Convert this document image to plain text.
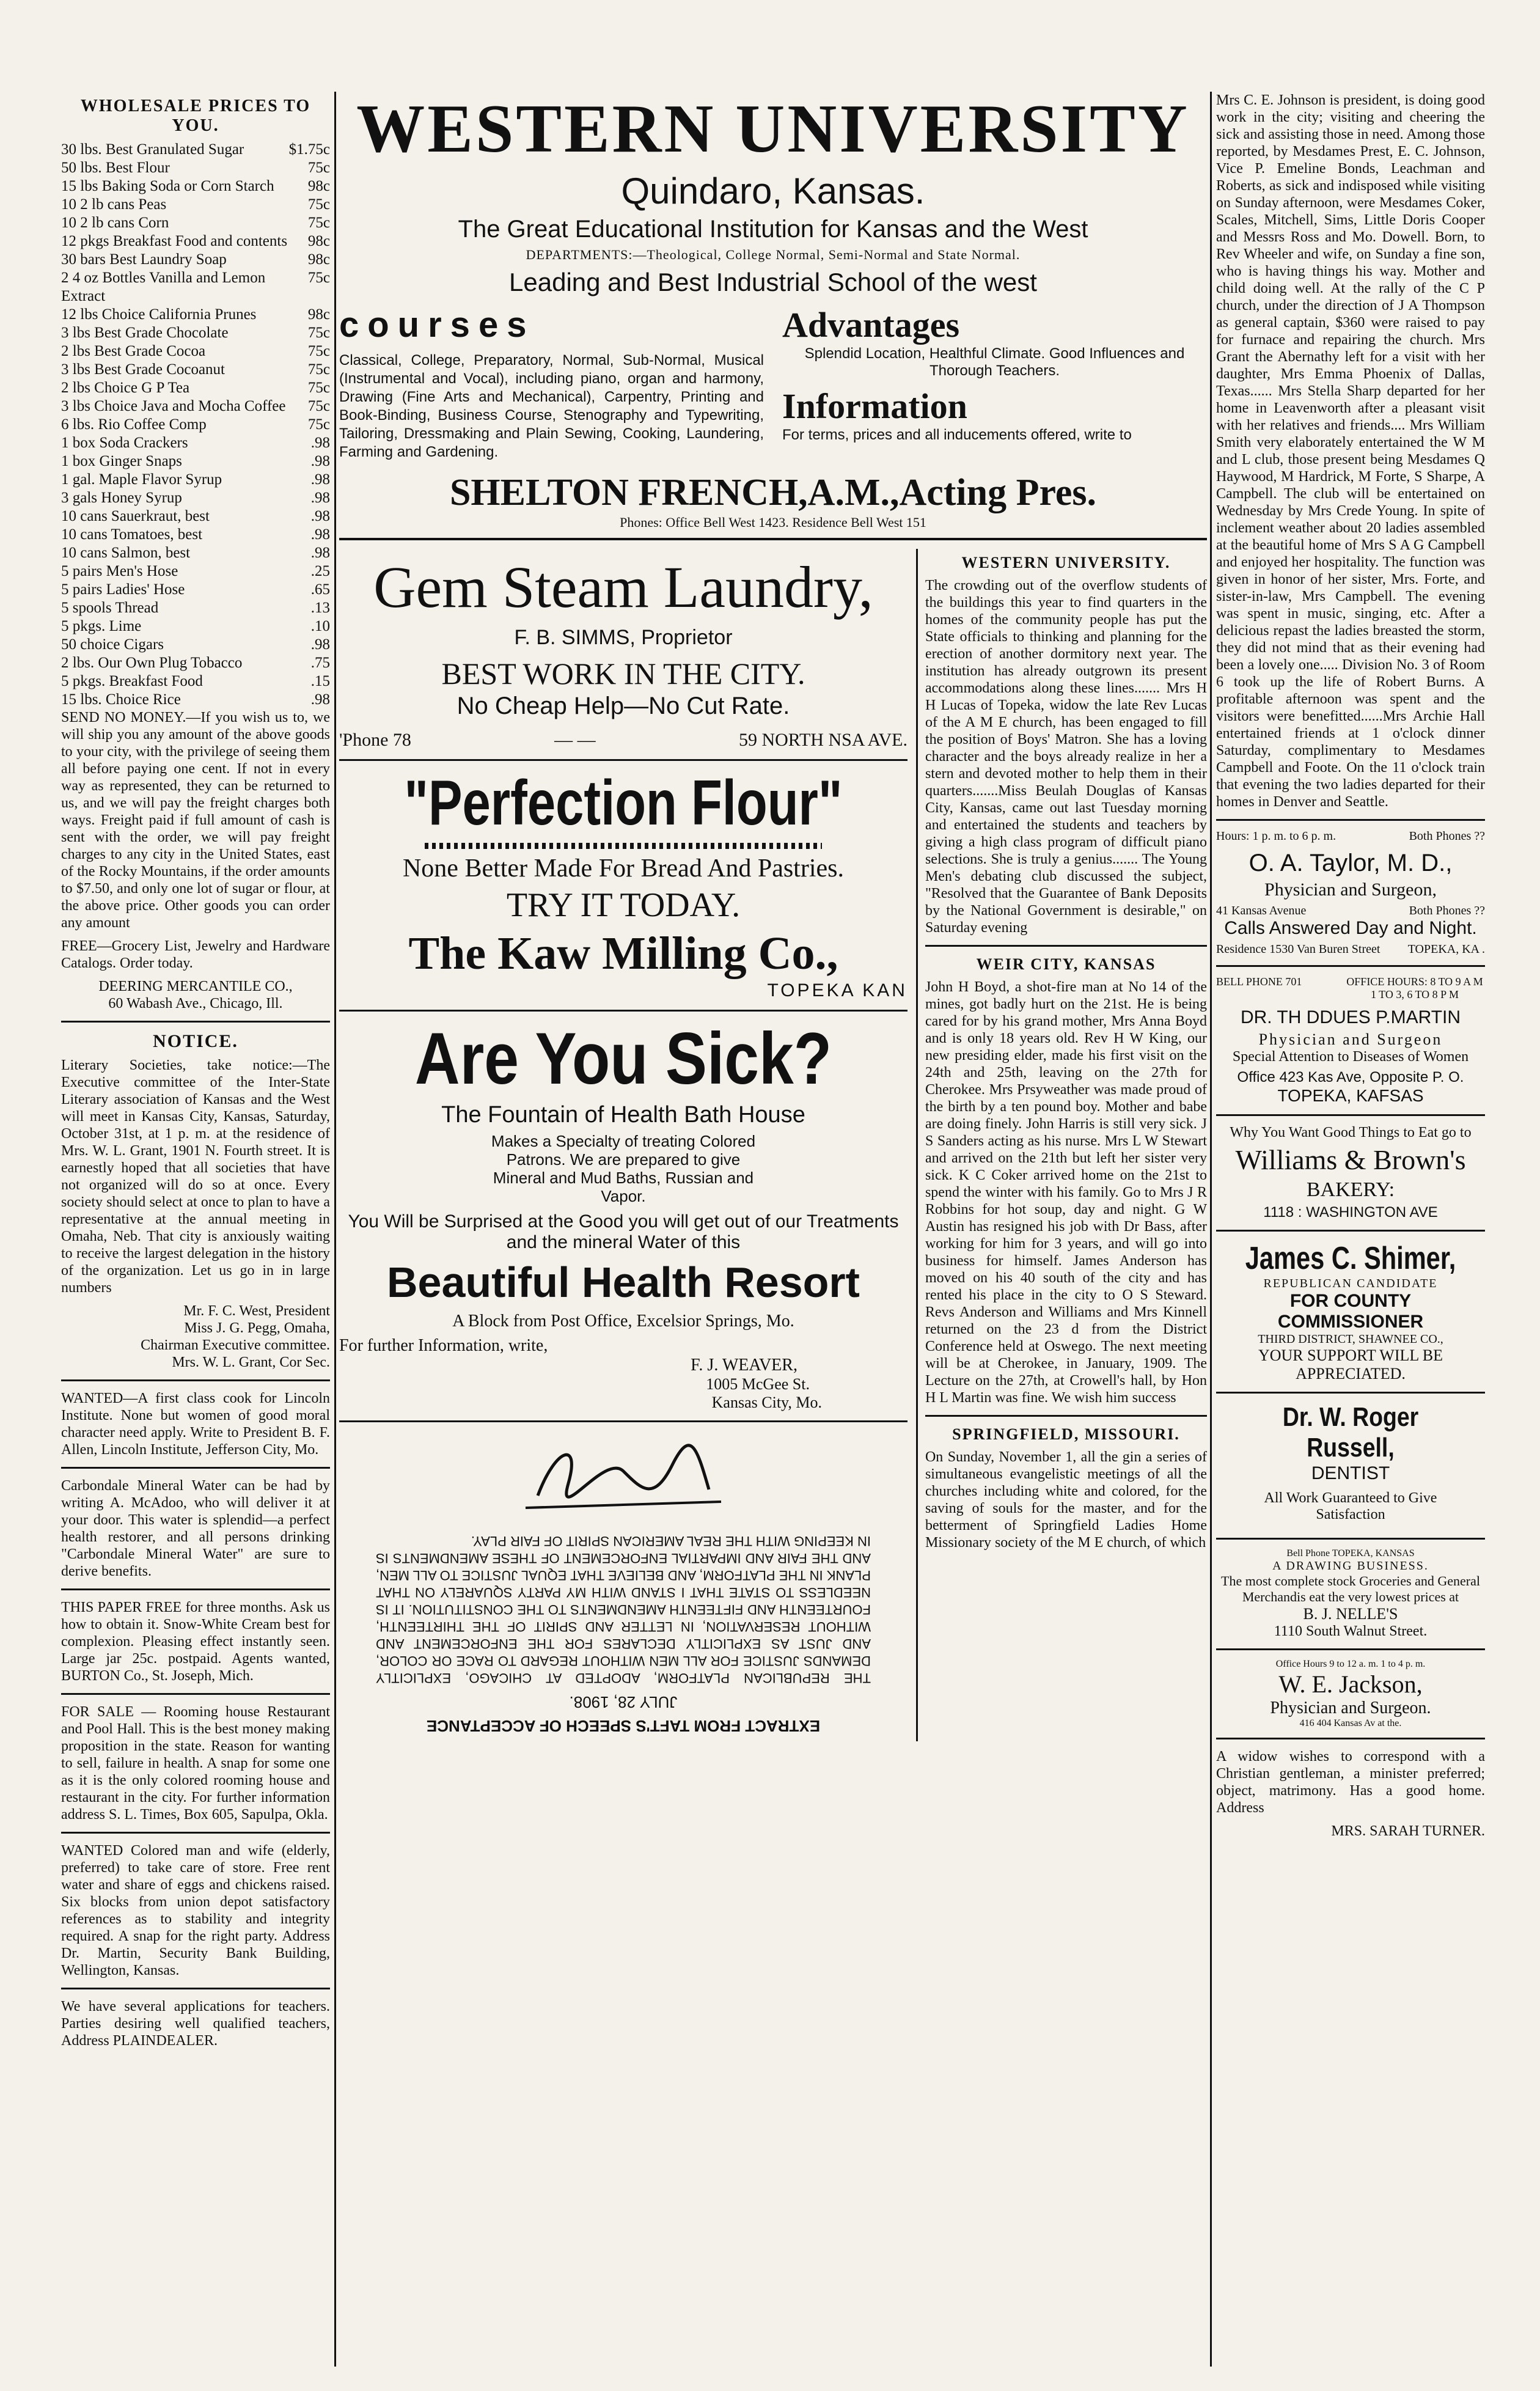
WHOLESALE PRICES TO YOU.
30 lbs. Best Granulated Sugar	$1.75c
50 lbs. Best Flour	75c
15 lbs Baking Soda or Corn Starch 98c
10 2 lb cans Peas	75c
10 2 lb cans Corn	75c
12 pkgs Breakfast Food and contents 98c
30 bars Best Laundry Soap	98c
2 4 oz Bottles Vanilla and Lemon Extract
75c
12 lbs Choice California Prunes	98c
3 lbs Best Grade Chocolate	75c
2 lbs Best Grade Cocoa	75c
3 lbs Best Grade Cocoanut	75c
2 lbs Choice G P Tea	75c
3 lbs Choice Java and Mocha Coffee 75c
6 lbs. Rio Coffee Comp	75c
1 box Soda Crackers	.98
1 box Ginger Snaps	.98
1 gal. Maple Flavor Syrup	.98
3 gals Honey Syrup	.98
10 cans Sauerkraut, best	.98
10 cans Tomatoes, best	.98
10 cans Salmon, best	.98
5 pairs Men's Hose	.25
5 pairs Ladies' Hose	.65
5 spools Thread	.13
5 pkgs. Lime	.10
50 choice Cigars	.98
2 lbs. Our Own Plug Tobacco	.75
5 pkgs. Breakfast Food	.15
15 lbs. Choice Rice	.98

SEND NO MONEY.—If you wish us to, we will ship you any amount of the above goods to your city, with the privilege of seeing them all before paying one cent. If not in every way as represented, they can be returned to us, and we will pay the freight charges both ways. Freight paid if full amount of cash is sent with the order, we will pay freight charges to any city in the United States, east of the Rocky Mountains, if the order amounts to $7.50, and only one lot of sugar or flour, at the above price. Other goods you can order any amount

FREE—Grocery List, Jewelry and Hardware Catalogs. Order today.

DEERING MERCANTILE CO.,

60 Wabash Ave., Chicago, Ill.

NOTICE.

Literary Societies, take notice:—The Executive committee of the Inter-State Literary association of Kansas and the West will meet in Kansas City, Kansas, Saturday, October 31st, at 1 p. m. at the residence of Mrs. W. L. Grant, 1901 N. Fourth street. It is earnestly hoped that all societies that have not organized will do so at once. Every society should select at once to plan to have a representative at the annual meeting in Omaha, Neb. That city is anxiously waiting to receive the largest delegation in the history of the organization. Let us go in in large numbers

Mr. F. C. West, President

Miss J. G. Pegg, Omaha,

Chairman Executive committee.

Mrs. W. L. Grant, Cor Sec.

WANTED—A first class cook for Lincoln Institute. None but women of good moral character need apply. Write to President B. F. Allen, Lincoln Institute, Jefferson City, Mo.

Carbondale Mineral Water can be had by writing A. McAdoo, who will deliver it at your door. This water is splendid—a perfect health restorer, and all persons drinking "Carbondale Mineral Water" are sure to derive benefits.

THIS PAPER FREE for three months. Ask us how to obtain it. Snow-White Cream best for complexion. Pleasing effect instantly seen. Large jar 25c. postpaid. Agents wanted, BURTON Co., St. Joseph, Mich.

FOR SALE — Rooming house Restaurant and Pool Hall. This is the best money making proposition in the state. Reason for wanting to sell, failure in health. A snap for some one as it is the only colored rooming house and restaurant in the city. For further information address S. L. Times, Box 605, Sapulpa, Okla.

WANTED Colored man and wife (elderly, preferred) to take care of store. Free rent water and share of eggs and chickens raised. Six blocks from union depot satisfactory references as to stability and integrity required. A snap for the right party. Address Dr. Martin, Security Bank Building, Wellington, Kansas.

We have several applications for teachers. Parties desiring well qualified teachers, Address PLAINDEALER.

WESTERN UNIVERSITY
Quindaro, Kansas.
The Great Educational Institution for Kansas and the West
DEPARTMENTS:—Theological, College Normal, Semi-Normal and State Normal.
Leading and Best Industrial School of the west
courses

Classical, College, Preparatory, Normal, Sub-Normal, Musical (Instrumental and Vocal), including piano, organ and harmony, Drawing (Fine Arts and Mechanical), Carpentry, Printing and Book-Binding, Business Course, Stenography and Typewriting, Tailoring, Dressmaking and Plain Sewing, Cooking, Laundering, Farming and Gardening.

Advantages

Splendid Location, Healthful Climate. Good Influences and Thorough Teachers.

Information

For terms, prices and all inducements offered, write to

SHELTON FRENCH,A.M.,Acting Pres.
Phones: Office Bell West 1423. Residence Bell West 151
Gem Steam Laundry,
F. B. SIMMS, Proprietor
BEST WORK IN THE CITY.
No Cheap Help—No Cut Rate.
'Phone 78	— —	59 NORTH NSA AVE.
"Perfection Flour"
None Better Made For Bread And Pastries.
TRY IT TODAY.
The Kaw Milling Co.,
TOPEKA KAN
Are You Sick?
The Fountain of Health Bath House

Makes a Specialty of treating Colored Patrons. We are prepared to give Mineral and Mud Baths, Russian and Vapor.

You Will be Surprised at the Good you will get out of our Treatments and the mineral Water of this
Beautiful Health Resort
A Block from Post Office, Excelsior Springs, Mo.
For further Information, write,
F. J. WEAVER,
1005 McGee St.
Kansas City, Mo.
EXTRACT FROM TAFT'S SPEECH OF ACCEPTANCE
JULY 28, 1908.

THE REPUBLICAN PLATFORM, ADOPTED AT CHICAGO, EXPLICITLY DEMANDS JUSTICE FOR ALL MEN WITHOUT REGARD TO RACE OR COLOR, AND JUST AS EXPLICITLY DECLARES FOR THE ENFORCEMENT AND WITHOUT RESERVATION, IN LETTER AND SPIRIT OF THE THIRTEENTH, FOURTEENTH AND FIFTEENTH AMENDMENTS TO THE CONSTITUTION. IT IS NEEDLESS TO STATE THAT I STAND WITH MY PARTY SQUARELY ON THAT PLANK IN THE PLATFORM, AND BELIEVE THAT EQUAL JUSTICE TO ALL MEN, AND THE FAIR AND IMPARTIAL ENFORCEMENT OF THESE AMENDMENTS IS IN KEEPING WITH THE REAL AMERICAN SPIRIT OF FAIR PLAY.

WESTERN UNIVERSITY.

The crowding out of the overflow students of the buildings this year to find quarters in the homes of the community people has put the State officials to thinking and planning for the erection of another dormitory next year. The institution has already outgrown its present accommodations along these lines....... Mrs H H Lucas of Topeka, widow the late Rev Lucas of the A M E church, has been engaged to fill the position of Boys' Matron. She has a loving character and the boys already realize in her a stern and devoted mother to help them in their quarters.......Miss Beulah Douglas of Kansas City, Kansas, came out last Tuesday morning and entertained the students and teachers by giving a high class program of difficult piano selections. She is truly a genius....... The Young Men's debating club discussed the subject, "Resolved that the Guarantee of Bank Deposits by the National Government is desirable," on Saturday evening

WEIR CITY, KANSAS

John H Boyd, a shot-fire man at No 14 of the mines, got badly hurt on the 21st. He is being cared for by his grand mother, Mrs Anna Boyd and is only 18 years old. Rev H W King, our new presiding elder, made his first visit on the 24th and 25th, leaving on the 27th for Cherokee. Mrs Prsyweather was made proud of the birth by a ten pound boy. Mother and babe are doing finely. John Harris is still very sick. J S Sanders acting as his nurse. Mrs L W Stewart and arrived on the 21th but left her sister very sick. K C Coker arrived home on the 21st to spend the winter with his family. Go to Mrs J R Robbins for hot soup, day and night. G W Austin has resigned his job with Dr Bass, after working for him for 3 years, and will go into business for himself. James Anderson has moved on his 40 south of the city and has rented his place in the city to O S Steward. Revs Anderson and Williams and Mrs Kinnell returned on the 23 d from the District Conference held at Oswego. The next meeting will be at Cherokee, in January, 1909. The Lecture on the 27th, at Crowell's hall, by Hon H L Martin was fine. We wish him success

SPRINGFIELD, MISSOURI.

On Sunday, November 1, all the gin a series of simultaneous evangelistic meetings of all the churches including white and colored, for the saving of souls for the master, and for the betterment of Springfield Ladies Home Missionary society of the M E church, of which

Mrs C. E. Johnson is president, is doing good work in the city; visiting and cheering the sick and assisting those in need. Among those reported, by Mesdames Prest, E. C. Johnson, Vice P. Emeline Bonds, Leachman and Roberts, as sick and indisposed while visiting on Sunday afternoon, were Mesdames Coker, Scales, Mitchell, Sims, Little Doris Cooper and Messrs Ross and Mo. Dowell. Born, to Rev Wheeler and wife, on Sunday a fine son, who is having things his way. Mother and child doing well. At the rally of the C P church, under the direction of J A Thompson as general captain, $360 were raised to pay for furnace and repairing the church. Mrs Grant the Abernathy left for a visit with her daughter, Mrs Emma Phoenix of Dallas, Texas...... Mrs Stella Sharp departed for her home in Leavenworth after a pleasant visit with her relatives and friends.... Mrs William Smith very elaborately entertained the W M and L club, those present being Mesdames Q Haywood, M Hardrick, M Forte, S Sharpe, A Campbell. The club will be entertained on Wednesday by Mrs Crede Young. In spite of inclement weather about 20 ladies assembled at the beautiful home of Mrs S A G Campbell and enjoyed her hospitality. The function was given in honor of her sister, Mrs. Forte, and sister-in-law, Mrs Campbell. The evening was spent in music, singing, etc. After a delicious repast the ladies breasted the storm, they did not mind that as their evening had been a lovely one..... Division No. 3 of Room 6 took up the life of Robert Burns. A profitable afternoon was spent and the visitors were benefitted......Mrs Archie Hall entertained friends at 1 o'clock dinner Saturday, complimentary to Mesdames Campbell and Foote. On the 11 o'clock train that evening the two ladies departed for their homes in Denver and Seattle.

Hours: 1 p. m. to 6 p. m.	Both Phones ??
O. A. Taylor, M. D.,
Physician and Surgeon,
41 Kansas Avenue	Both Phones ??
Calls Answered Day and Night.
Residence 1530 Van Buren Street TOPEKA, KA .
BELL PHONE 701	OFFICE HOURS: 8 TO 9 A M 1 TO 3, 6 TO 8 P M
DR. TH DDUES P.MARTIN
Physician and Surgeon
Special Attention to Diseases of Women
Office 423 Kas Ave, Opposite P. O.
TOPEKA, KAFSAS
Why You Want Good Things to Eat go to
Williams & Brown's
BAKERY:
1118 : WASHINGTON AVE
James C. Shimer,
REPUBLICAN CANDIDATE
FOR COUNTY COMMISSIONER
THIRD DISTRICT, SHAWNEE CO.,
YOUR SUPPORT WILL BE APPRECIATED.
Dr. W. Roger Russell,
DENTIST
All Work Guaranteed to Give Satisfaction
Bell Phone TOPEKA, KANSAS
A DRAWING BUSINESS.
The most complete stock Groceries and General Merchandis eat the very lowest prices at
B. J. NELLE'S
1110 South Walnut Street.
Office Hours 9 to 12 a. m. 1 to 4 p. m.
W. E. Jackson,
Physician and Surgeon.
416 404 Kansas Av at the.

A widow wishes to correspond with a Christian gentleman, a minister preferred; object, matrimony. Has a good home. Address

MRS. SARAH TURNER.
